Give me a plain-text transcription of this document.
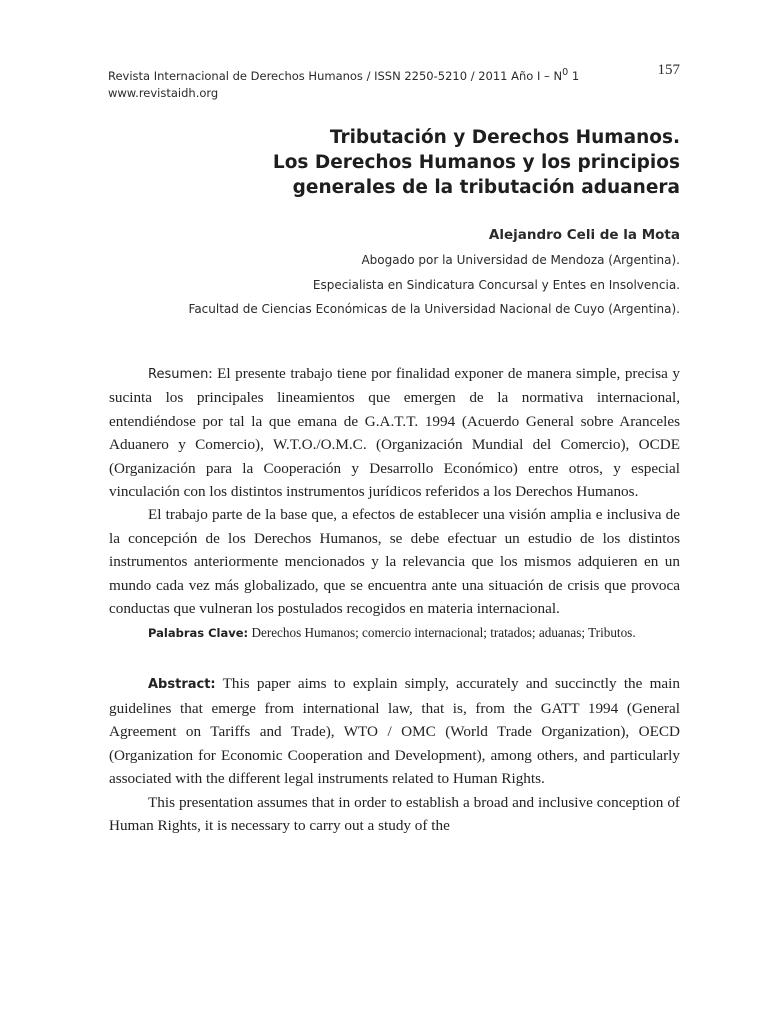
Revista Internacional de Derechos Humanos / ISSN 2250-5210 / 2011 Año I – $N^0$ 1
www.revistaidh.org
157
Tributación y Derechos Humanos.
Los Derechos Humanos y los principios
generales de la tributación aduanera
Alejandro Celi de la Mota
Abogado por la Universidad de Mendoza (Argentina).
Especialista en Sindicatura Concursal y Entes en Insolvencia.
Facultad de Ciencias Económicas de la Universidad Nacional de Cuyo (Argentina).

Resumen: El presente trabajo tiene por finalidad exponer de manera simple, precisa y sucinta los principales lineamientos que emergen de la normativa internacional, entendiéndose por tal la que emana de G.A.T.T. 1994 (Acuerdo General sobre Aranceles Aduanero y Comercio), W.T.O./O.M.C. (Organización Mundial del Comercio), OCDE (Organización para la Cooperación y Desarrollo Económico) entre otros, y especial vinculación con los distintos instrumentos jurídicos referidos a los Derechos Humanos.

El trabajo parte de la base que, a efectos de establecer una visión amplia e inclusiva de la concepción de los Derechos Humanos, se debe efectuar un estudio de los distintos instrumentos anteriormente mencionados y la relevancia que los mismos adquieren en un mundo cada vez más globalizado, que se encuentra ante una situación de crisis que provoca conductas que vulneran los postulados recogidos en materia internacional.

Palabras Clave: Derechos Humanos; comercio internacional; tratados; aduanas; Tributos.

Abstract: This paper aims to explain simply, accurately and succinctly the main guidelines that emerge from international law, that is, from the GATT 1994 (General Agreement on Tariffs and Trade), WTO / OMC (World Trade Organization), OECD (Organization for Economic Cooperation and Development), among others, and particularly associated with the different legal instruments related to Human Rights.

This presentation assumes that in order to establish a broad and inclusive conception of Human Rights, it is necessary to carry out a study of the
